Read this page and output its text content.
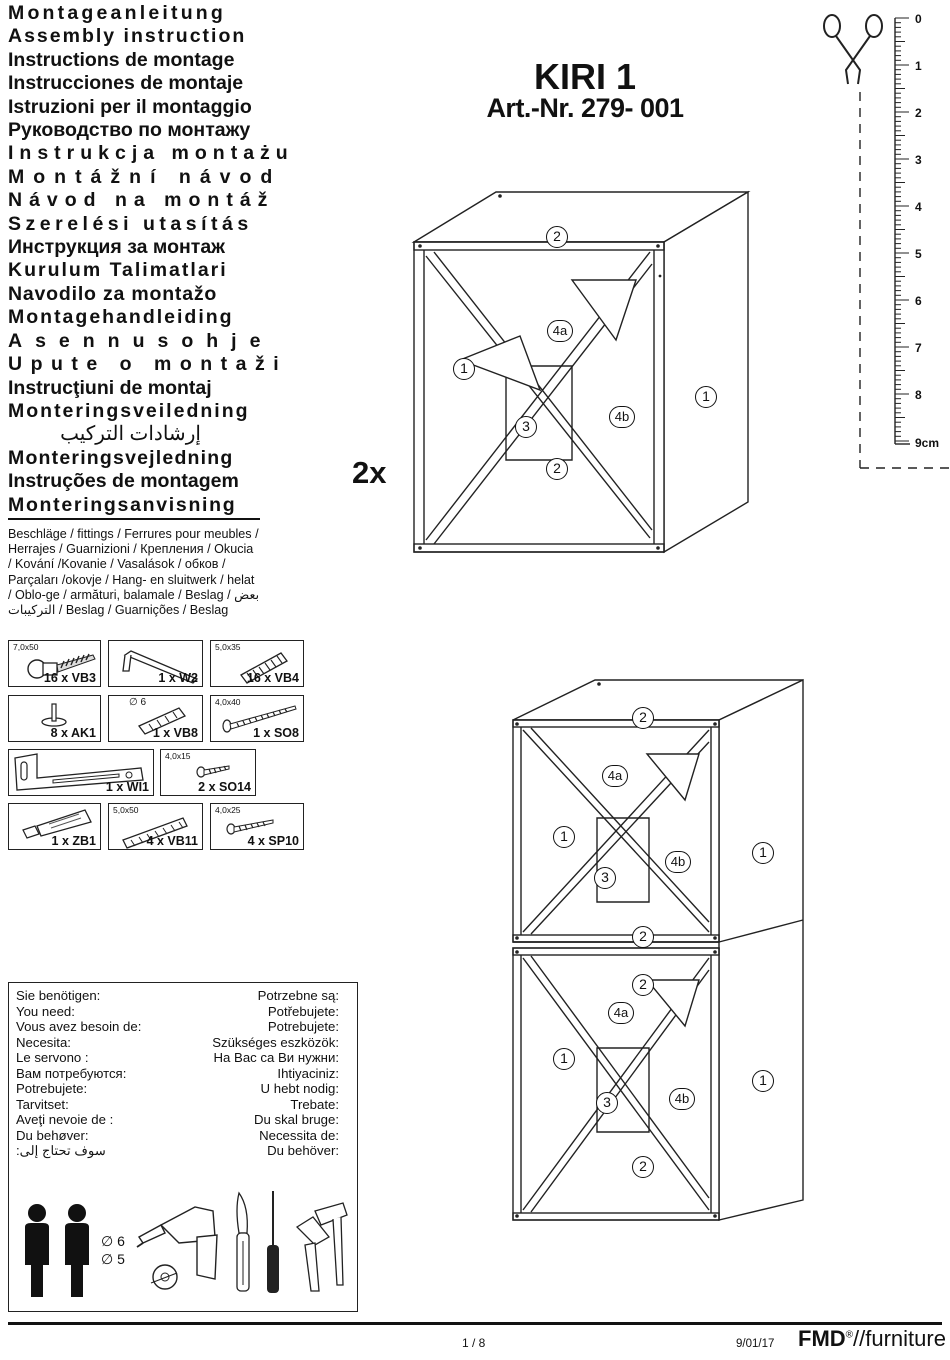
Montageanleitung
Assembly instruction
Instructions de montage
Instrucciones de montaje
Istruzioni per il montaggio
Руководство по монтажу
Instrukcja montażu
Montážní návod
Návod na montáž
Szerelési utasítás
Инструкция за монтаж
Kurulum Talimatlari
Navodilo za montažo
Montagehandleiding
Asennusohje
Upute o montaži
Instrucţiuni de montaj
Monteringsveiledning
إرشادات التركيب
Monteringsvejledning
Instruções de montagem
Monteringsanvisning
Beschläge / fittings / Ferrures pour meubles / Herrajes / Guarnizioni / Крепления / Okucia / Kování /Kovanie / Vasalások / обков / Parçaları /okovje / Hang- en sluitwerk / helat / Oblo-ge / armături, balamale / Beslag / بعض التركيبات / Beslag / Guarnições / Beslag
7,0x50
16 x VB3	1 x W2
5,0x35
16 x VB4
8 x AK1
∅ 6
1 x VB8
4,0x40
1 x SO8
1 x WI1
4,0x15
2 x SO14
1 x ZB1
5,0x50
4 x VB11
4,0x25
4 x SP10
KIRI 1
Art.-Nr. 279- 001
2x
2
4a
1
4b
3
1
2
0
1
2
3
4
5
6
7
8
9cm
2
4a
1
4b
1
3
2
2
4a
1
1
4b
3
2
Sie benötigen:
You need:
Vous avez besoin de:
Necesita:
Le servono :
Вам потребуются:
Potrebujete:
Tarvitset:
Aveţi nevoie de :
Du behøver:
سوف تحتاج إلى:
Potrzebne są:
Potřebujete:
Potrebujete:
Szükséges eszközök:
На Вас са Ви нужни:
Ihtiyaciniz:
U hebt nodig:
Trebate:
Du skal bruge:
Necessita de:
Du behöver:
∅ 6
∅ 5
1 / 8	9/01/17 FMD®//furniture
